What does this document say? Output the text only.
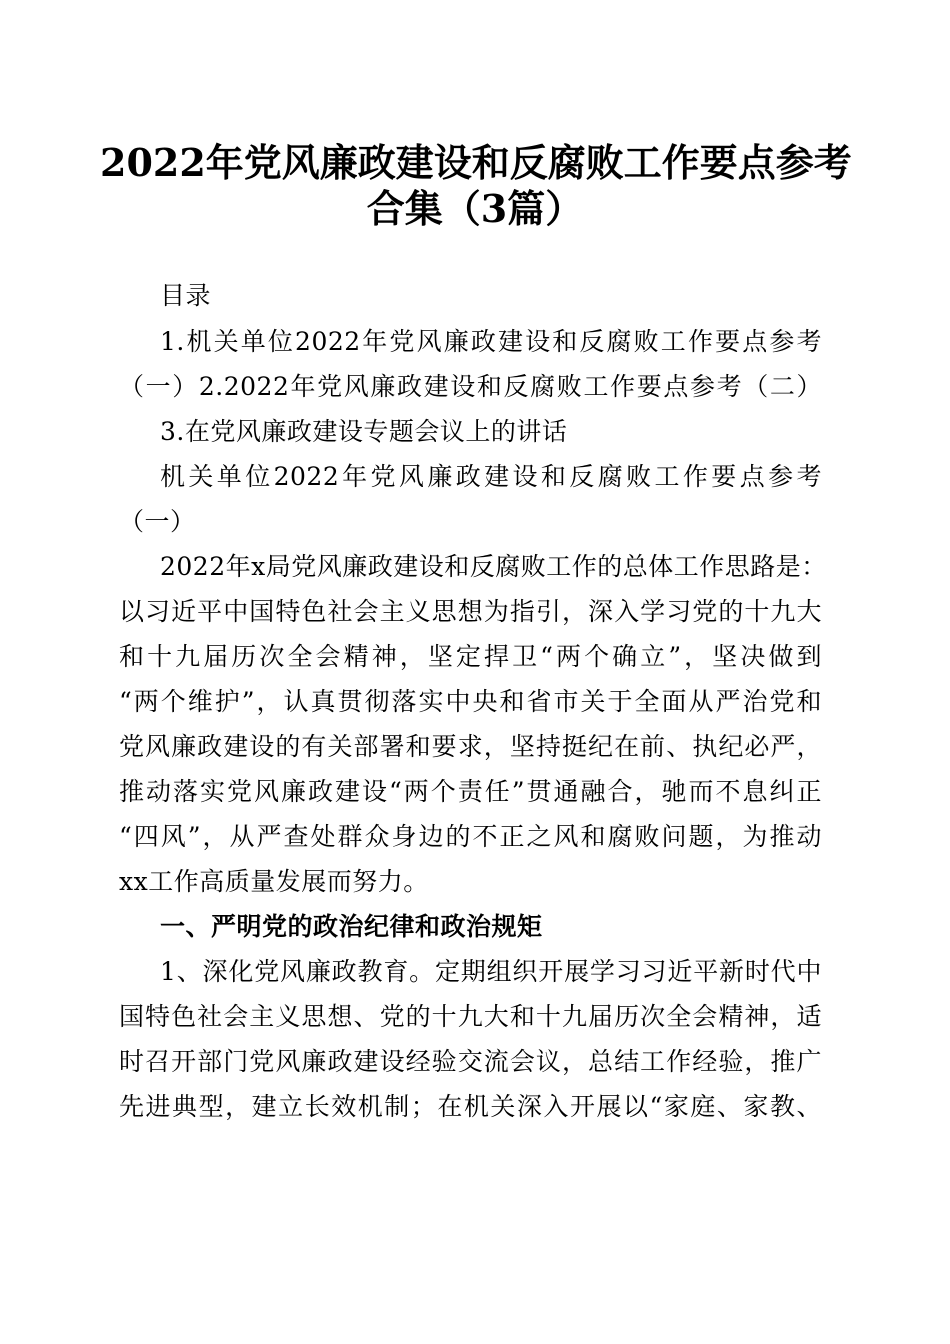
2022年党风廉政建设和反腐败工作要点参考
合集（3篇）
目录
1.机关单位2022年党风廉政建设和反腐败工作要点参考
（一）2.2022年党风廉政建设和反腐败工作要点参考（二）
3.在党风廉政建设专题会议上的讲话
机关单位2022年党风廉政建设和反腐败工作要点参考
（一）
2022年x局党风廉政建设和反腐败工作的总体工作思路是：
以习近平中国特色社会主义思想为指引，深入学习党的十九大
和十九届历次全会精神，坚定捍卫“两个确立”，坚决做到
“两个维护”，认真贯彻落实中央和省市关于全面从严治党和
党风廉政建设的有关部署和要求，坚持挺纪在前、执纪必严，
推动落实党风廉政建设“两个责任”贯通融合，驰而不息纠正
“四风”，从严查处群众身边的不正之风和腐败问题，为推动
xx工作高质量发展而努力。
一、严明党的政治纪律和政治规矩
1、深化党风廉政教育。定期组织开展学习习近平新时代中
国特色社会主义思想、党的十九大和十九届历次全会精神，适
时召开部门党风廉政建设经验交流会议，总结工作经验，推广
先进典型，建立长效机制；在机关深入开展以“家庭、家教、
